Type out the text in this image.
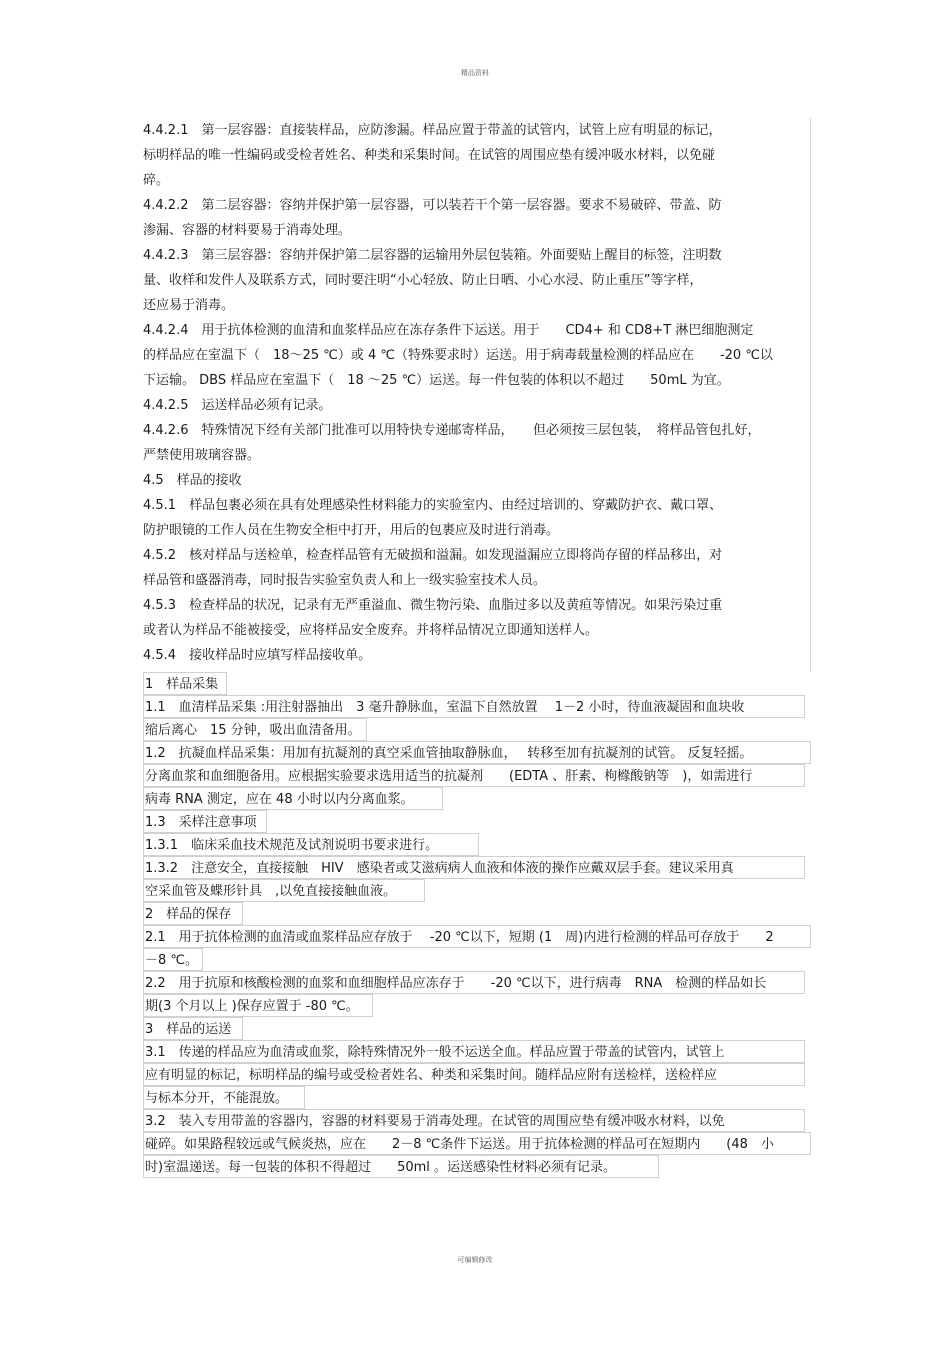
精品资料
4.4.2.1　第一层容器：直接装样品，应防渗漏。样品应置于带盖的试管内，试管上应有明显的标记，
标明样品的唯一性编码或受检者姓名、种类和采集时间。在试管的周围应垫有缓冲吸水材料，以免碰
碎。
4.4.2.2　第二层容器：容纳并保护第一层容器，可以装若干个第一层容器。要求不易破碎、带盖、防
渗漏、容器的材料要易于消毒处理。
4.4.2.3　第三层容器：容纳并保护第二层容器的运输用外层包装箱。外面要贴上醒目的标签，注明数
量、收样和发件人及联系方式，同时要注明“小心轻放、防止日晒、小心水浸、防止重压”等字样，
还应易于消毒。
4.4.2.4　用于抗体检测的血清和血浆样品应在冻存条件下运送。用于　　CD4+ 和 CD8+T 淋巴细胞测定
的样品应在室温下（　18～25 ℃）或 4 ℃（特殊要求时）运送。用于病毒载量检测的样品应在　　-20 ℃以
下运输。 DBS 样品应在室温下（　18 ～25 ℃）运送。每一件包装的体积以不超过　　50mL 为宜。
4.4.2.5　运送样品必须有记录。
4.4.2.6　特殊情况下经有关部门批准可以用特快专递邮寄样品，　　但必须按三层包装，　将样品管包扎好，
严禁使用玻璃容器。
4.5　样品的接收
4.5.1　样品包裹必须在具有处理感染性材料能力的实验室内、由经过培训的、穿戴防护衣、戴口罩、
防护眼镜的工作人员在生物安全柜中打开，用后的包裹应及时进行消毒。
4.5.2　核对样品与送检单，检查样品管有无破损和溢漏。如发现溢漏应立即将尚存留的样品移出，对
样品管和盛器消毒，同时报告实验室负责人和上一级实验室技术人员。
4.5.3　检查样品的状况，记录有无严重溢血、微生物污染、血脂过多以及黄疸等情况。如果污染过重
或者认为样品不能被接受，应将样品安全废弃。并将样品情况立即通知送样人。
4.5.4　接收样品时应填写样品接收单。
1　样品采集
1.1　血清样品采集 :用注射器抽出　3 毫升静脉血，室温下自然放置　 1－2 小时，待血液凝固和血块收
缩后离心　15 分钟，吸出血清备用。
1.2　抗凝血样品采集：用加有抗凝剂的真空采血管抽取静脉血，　 转移至加有抗凝剂的试管。 反复轻摇。
分离血浆和血细胞备用。应根据实验要求选用适当的抗凝剂　　(EDTA 、肝素、枸橼酸钠等　)，如需进行
病毒 RNA 测定，应在 48 小时以内分离血浆。
1.3　采样注意事项
1.3.1　临床采血技术规范及试剂说明书要求进行。
1.3.2　注意安全，直接接触　HIV　感染者或艾滋病病人血液和体液的操作应戴双层手套。建议采用真
空采血管及蝶形针具　,以免直接接触血液。
2　样品的保存
2.1　用于抗体检测的血清或血浆样品应存放于　 -20 ℃以下，短期 (1　周)内进行检测的样品可存放于　　2
－8 ℃。
2.2　用于抗原和核酸检测的血浆和血细胞样品应冻存于　　-20 ℃以下，进行病毒　RNA　检测的样品如长
期(3 个月以上 )保存应置于 -80 ℃。
3　样品的运送
3.1　传递的样品应为血清或血浆，除特殊情况外一般不运送全血。样品应置于带盖的试管内，试管上
应有明显的标记，标明样品的编号或受检者姓名、种类和采集时间。随样品应附有送检样，送检样应
与标本分开，不能混放。
3.2　装入专用带盖的容器内，容器的材料要易于消毒处理。在试管的周围应垫有缓冲吸水材料，以免
碰碎。如果路程较远或气候炎热，应在　　2－8 ℃条件下运送。用于抗体检测的样品可在短期内　　(48　小
时)室温递送。每一包装的体积不得超过　　50ml 。运送感染性材料必须有记录。
可编辑修改
